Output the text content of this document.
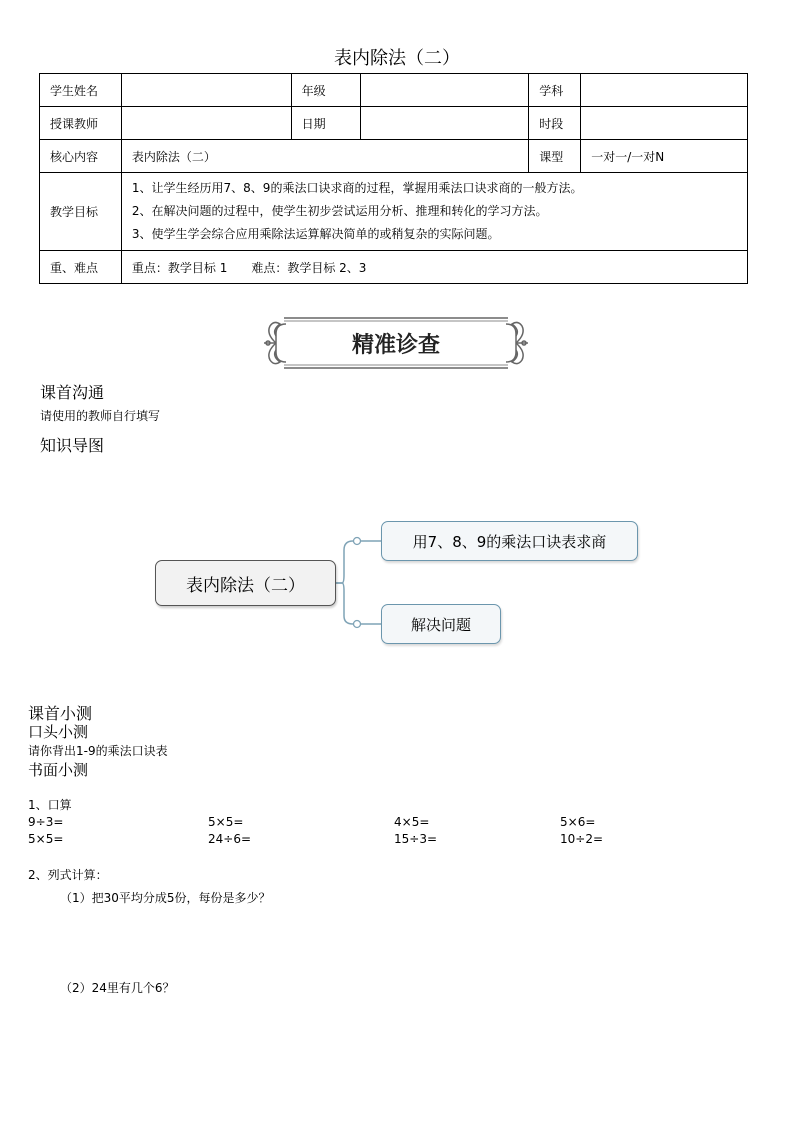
表内除法（二）
学生姓名		年级		学科	
授课教师		日期		时段	
核心内容	表内除法（二）			课型	一对一/一对N
教学目标	1、让学生经历用7、8、9的乘法口诀求商的过程，掌握用乘法口诀求商的一般方法。
2、在解决问题的过程中，使学生初步尝试运用分析、推理和转化的学习方法。
3、使学生学会综合应用乘除法运算解决简单的或稍复杂的实际问题。				

重、难点	重点：教学目标 1　　难点：教学目标 2、3				
精准诊查
课首沟通
请使用的教师自行填写
知识导图
表内除法（二）
用7、8、9的乘法口诀表求商
解决问题
课首小测
口头小测
请你背出1-9的乘法口诀表
书面小测
1、口算
9÷3=	5×5=	4×5=	5×6=
5×5=	24÷6=	15÷3=	10÷2=
2、列式计算：
（1）把30平均分成5份，每份是多少？
（2）24里有几个6？
